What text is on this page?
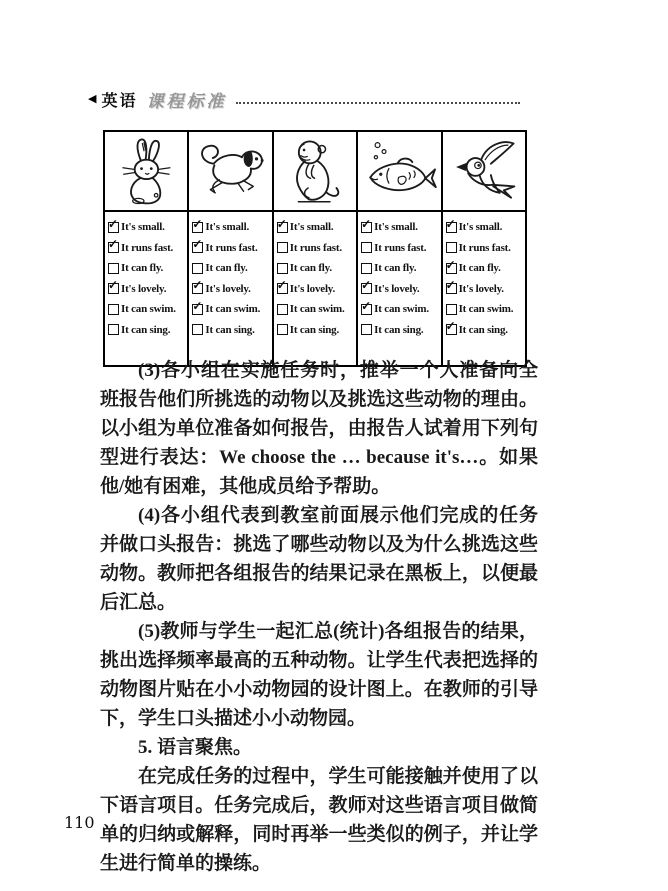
◀ 英语 课程标准

✓ It's small.
✓ It runs fast.
It can fly.
✓ It's lovely.
It can swim.
It can sing.

✓ It's small.
✓ It runs fast.
It can fly.
✓ It's lovely.
✓ It can swim.
It can sing.

✓ It's small.
It runs fast.
It can fly.
✓ It's lovely.
It can swim.
It can sing.

✓ It's small.
It runs fast.
It can fly.
✓ It's lovely.
✓ It can swim.
It can sing.

✓ It's small.
It runs fast.
✓ It can fly.
✓ It's lovely.
It can swim.
✓ It can sing.

(3)各小组在实施任务时，推举一个人准备向全班报告他们所挑选的动物以及挑选这些动物的理由。以小组为单位准备如何报告，由报告人试着用下列句型进行表达：We choose the … because it's…。如果他/她有困难，其他成员给予帮助。

(4)各小组代表到教室前面展示他们完成的任务并做口头报告：挑选了哪些动物以及为什么挑选这些动物。教师把各组报告的结果记录在黑板上，以便最后汇总。

(5)教师与学生一起汇总(统计)各组报告的结果，挑出选择频率最高的五种动物。让学生代表把选择的动物图片贴在小小动物园的设计图上。在教师的引导下，学生口头描述小小动物园。

5. 语言聚焦。

在完成任务的过程中，学生可能接触并使用了以下语言项目。任务完成后，教师对这些语言项目做简单的归纳或解释，同时再举一些类似的例子，并让学生进行简单的操练。

110
